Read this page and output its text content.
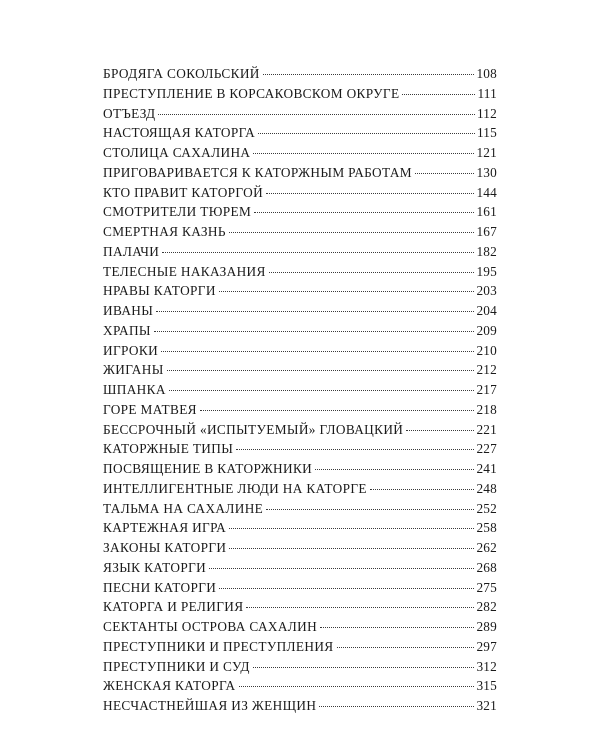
БРОДЯГА СОКОЛЬСКИЙ	108
ПРЕСТУПЛЕНИЕ В КОРСАКОВСКОМ ОКРУГЕ	111
ОТЪЕЗД	112
НАСТОЯЩАЯ КАТОРГА	115
СТОЛИЦА САХАЛИНА	121
ПРИГОВАРИВАЕТСЯ К КАТОРЖНЫМ РАБОТАМ	130
КТО ПРАВИТ КАТОРГОЙ	144
СМОТРИТЕЛИ ТЮРЕМ	161
СМЕРТНАЯ КАЗНЬ	167
ПАЛАЧИ	182
ТЕЛЕСНЫЕ НАКАЗАНИЯ	195
НРАВЫ КАТОРГИ	203
ИВАНЫ	204
ХРАПЫ	209
ИГРОКИ	210
ЖИГАНЫ	212
ШПАНКА	217
ГОРЕ МАТВЕЯ	218
БЕССРОЧНЫЙ «ИСПЫТУЕМЫЙ» ГЛОВАЦКИЙ	221
КАТОРЖНЫЕ ТИПЫ	227
ПОСВЯЩЕНИЕ В КАТОРЖНИКИ	241
ИНТЕЛЛИГЕНТНЫЕ ЛЮДИ НА КАТОРГЕ	248
ТАЛЬМА НА САХАЛИНЕ	252
КАРТЕЖНАЯ ИГРА	258
ЗАКОНЫ КАТОРГИ	262
ЯЗЫК КАТОРГИ	268
ПЕСНИ КАТОРГИ	275
КАТОРГА И РЕЛИГИЯ	282
СЕКТАНТЫ ОСТРОВА САХАЛИН	289
ПРЕСТУПНИКИ И ПРЕСТУПЛЕНИЯ	297
ПРЕСТУПНИКИ И СУД	312
ЖЕНСКАЯ КАТОРГА	315
НЕСЧАСТНЕЙШАЯ ИЗ ЖЕНЩИН	321
